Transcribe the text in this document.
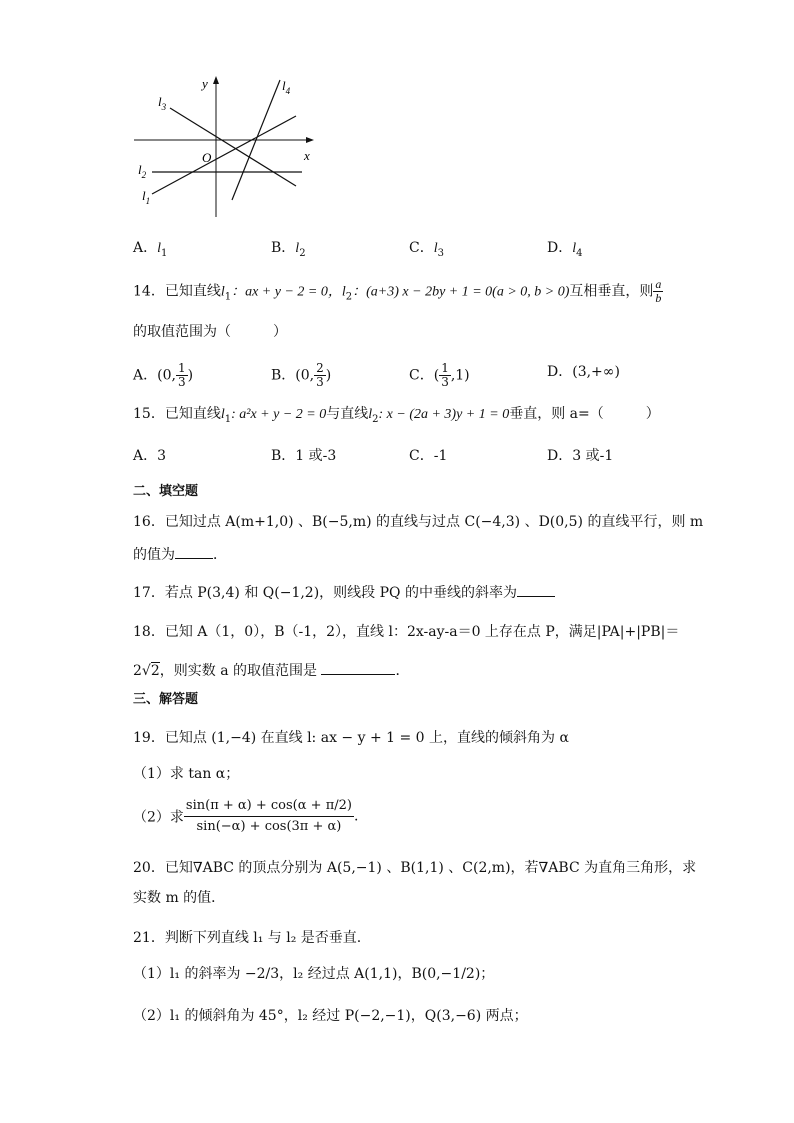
x
y
O
$l_3$
$l_4$
$l_2$
$l_1$
A．$l_1$	B．$l_2$	C．$l_3$	D．$l_4$
14．已知直线$l_1$：ax + y − 2 = 0，$l_2$：(a+3) x − 2by + 1 = 0(a > 0, b > 0)互相垂直，则 $\frac{a}{b}$
的取值范围为（　　　）
A．(0, $\frac{1}{3}$ )	B．(0, $\frac{2}{3}$ )	C．( $\frac{1}{3} ,1$)	D．(3,+∞)
15．已知直线$l_1$: a²x + y − 2 = 0与直线$l_2$: x − (2a + 3)y + 1 = 0垂直，则 a=（　　　）
A．3	B．1 或-3	C．-1	D．3 或-1
二、填空题
16．已知过点 A(m+1,0) 、B(−5,m) 的直线与过点 C(−4,3) 、D(0,5) 的直线平行，则 m
的值为	．
17．若点 P(3,4) 和 Q(−1,2)，则线段 PQ 的中垂线的斜率为
18．已知 A（1，0），B（-1，2），直线 l：2x-ay-a＝0 上存在点 P，满足|PA|+|PB|＝
2√2，则实数 a 的取值范围是	．
三、解答题
19．已知点 (1,−4) 在直线 l: ax − y + 1 = 0 上，直线的倾斜角为 α
（1）求 tan α；
（2）求 $\frac{\sin(\pi + \alpha) + \cos(\alpha + \pi/2)}{\sin(-\alpha) + \cos(3\pi + \alpha)}$ .
20．已知∇ABC 的顶点分别为 A(5,−1) 、B(1,1) 、C(2,m)，若∇ABC 为直角三角形，求
实数 m 的值．
21．判断下列直线 l₁ 与 l₂ 是否垂直.
（1）l₁ 的斜率为 −2/3，l₂ 经过点 A(1,1)，B(0,−1/2)；
（2）l₁ 的倾斜角为 45°，l₂ 经过 P(−2,−1)，Q(3,−6) 两点；
